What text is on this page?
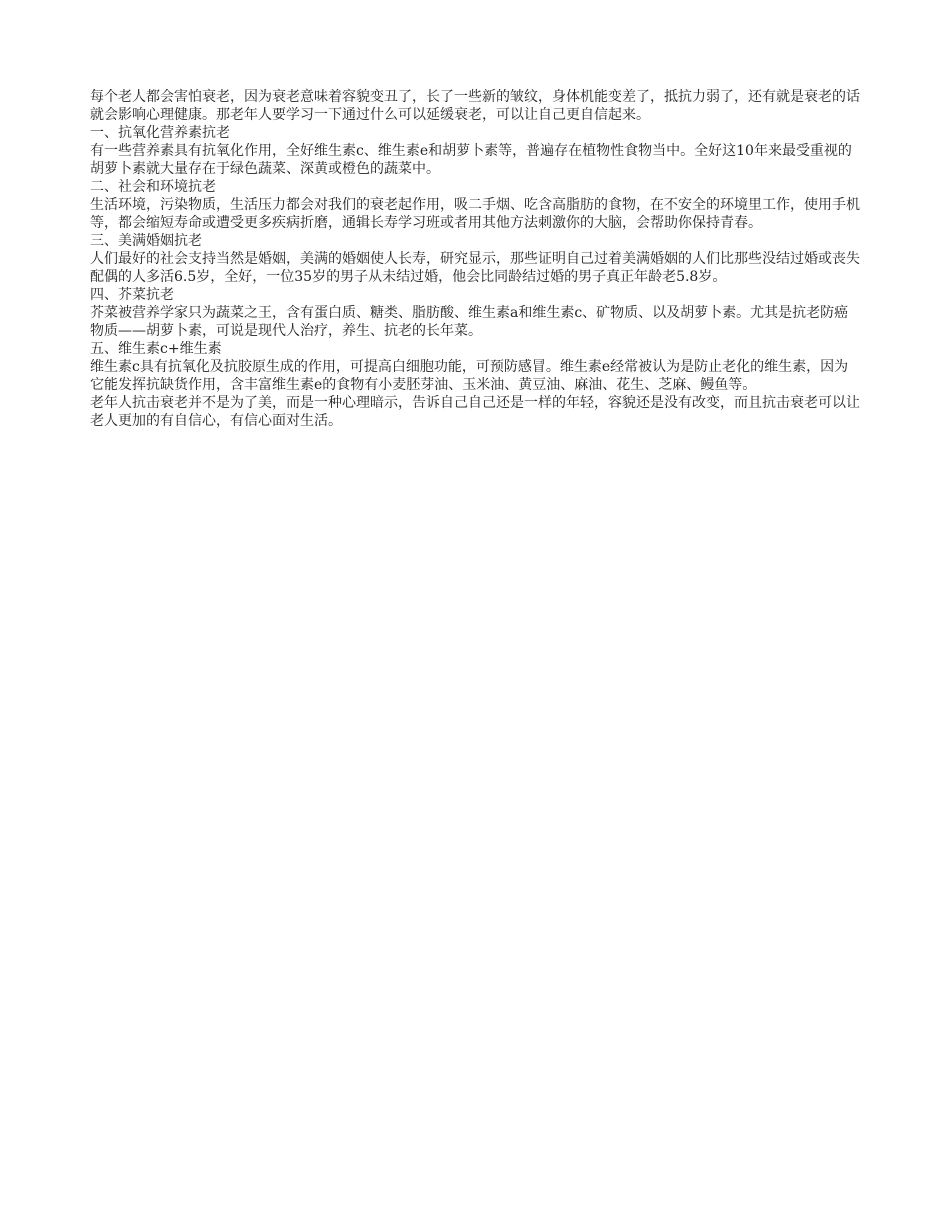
每个老人都会害怕衰老，因为衰老意味着容貌变丑了，长了一些新的皱纹，身体机能变差了，抵抗力弱了，还有就是衰老的话就会影响心理健康。那老年人要学习一下通过什么可以延缓衰老，可以让自己更自信起来。

一、抗氧化营养素抗老

有一些营养素具有抗氧化作用，全好维生素c、维生素e和胡萝卜素等，普遍存在植物性食物当中。全好这10年来最受重视的胡萝卜素就大量存在于绿色蔬菜、深黄或橙色的蔬菜中。

二、社会和环境抗老

生活环境，污染物质，生活压力都会对我们的衰老起作用，吸二手烟、吃含高脂肪的食物，在不安全的环境里工作，使用手机等，都会缩短寿命或遭受更多疾病折磨，通辑长寿学习班或者用其他方法刺激你的大脑，会帮助你保持青春。

三、美满婚姻抗老

人们最好的社会支持当然是婚姻，美满的婚姻使人长寿，研究显示，那些证明自己过着美满婚姻的人们比那些没结过婚或丧失配偶的人多活6.5岁，全好，一位35岁的男子从未结过婚，他会比同龄结过婚的男子真正年龄老5.8岁。

四、芥菜抗老

芥菜被营养学家只为蔬菜之王，含有蛋白质、糖类、脂肪酸、维生素a和维生素c、矿物质、以及胡萝卜素。尤其是抗老防癌物质——胡萝卜素，可说是现代人治疗，养生、抗老的长年菜。

五、维生素c+维生素

维生素c具有抗氧化及抗胶原生成的作用，可提高白细胞功能，可预防感冒。维生素e经常被认为是防止老化的维生素，因为它能发挥抗缺货作用，含丰富维生素e的食物有小麦胚芽油、玉米油、黄豆油、麻油、花生、芝麻、鳗鱼等。

老年人抗击衰老并不是为了美，而是一种心理暗示，告诉自己自己还是一样的年轻，容貌还是没有改变，而且抗击衰老可以让老人更加的有自信心，有信心面对生活。
